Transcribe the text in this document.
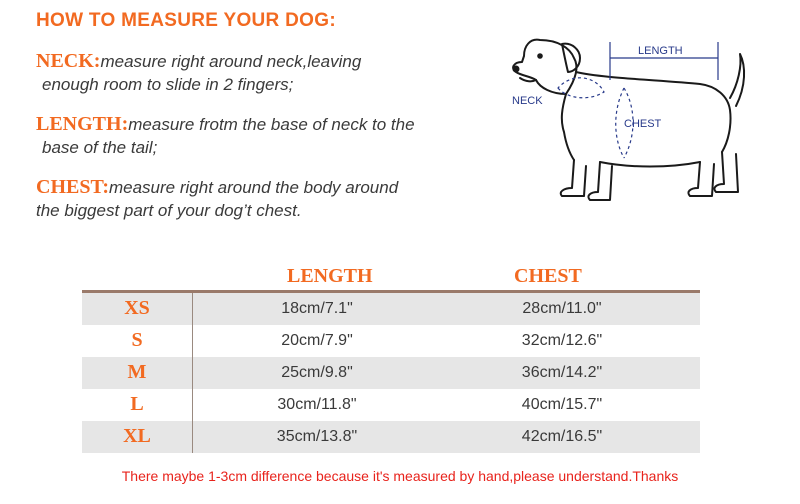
HOW TO MEASURE YOUR DOG:

NECK:measure right around neck,leaving
enough room to slide in 2 fingers;

LENGTH:measure frotm the base of neck to the
base of the tail;

CHEST:measure right around the body around
the biggest part of your dog’t chest.

LENGTH
NECK
CHEST
LENGTH	CHEST
XS	18cm/7.1"	28cm/11.0"
S	20cm/7.9"	32cm/12.6"
M	25cm/9.8"	36cm/14.2"
L	30cm/11.8"	40cm/15.7"
XL	35cm/13.8"	42cm/16.5"

There maybe 1-3cm difference because it's measured by hand,please understand.Thanks
